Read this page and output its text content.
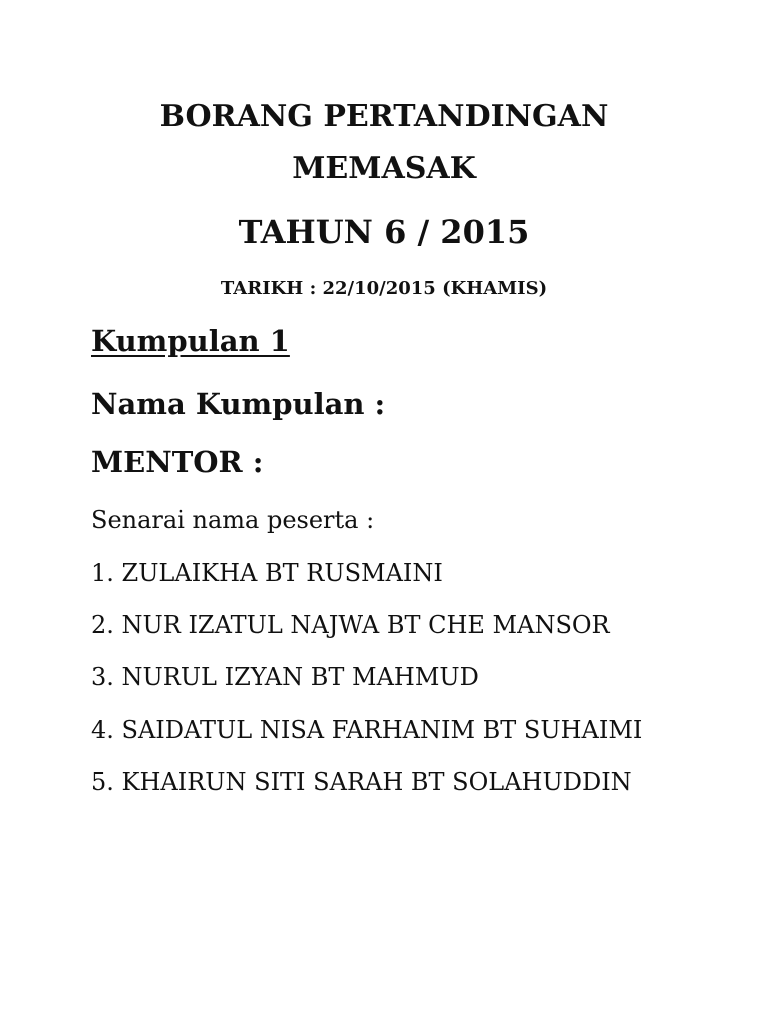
BORANG PERTANDINGAN
MEMASAK
TAHUN 6 / 2015
TARIKH : 22/10/2015 (KHAMIS)
Kumpulan 1
Nama Kumpulan :
MENTOR :
Senarai nama peserta :
1. ZULAIKHA BT RUSMAINI
2. NUR IZATUL NAJWA BT CHE MANSOR
3. NURUL IZYAN BT MAHMUD
4. SAIDATUL NISA FARHANIM BT SUHAIMI
5. KHAIRUN SITI SARAH BT SOLAHUDDIN
